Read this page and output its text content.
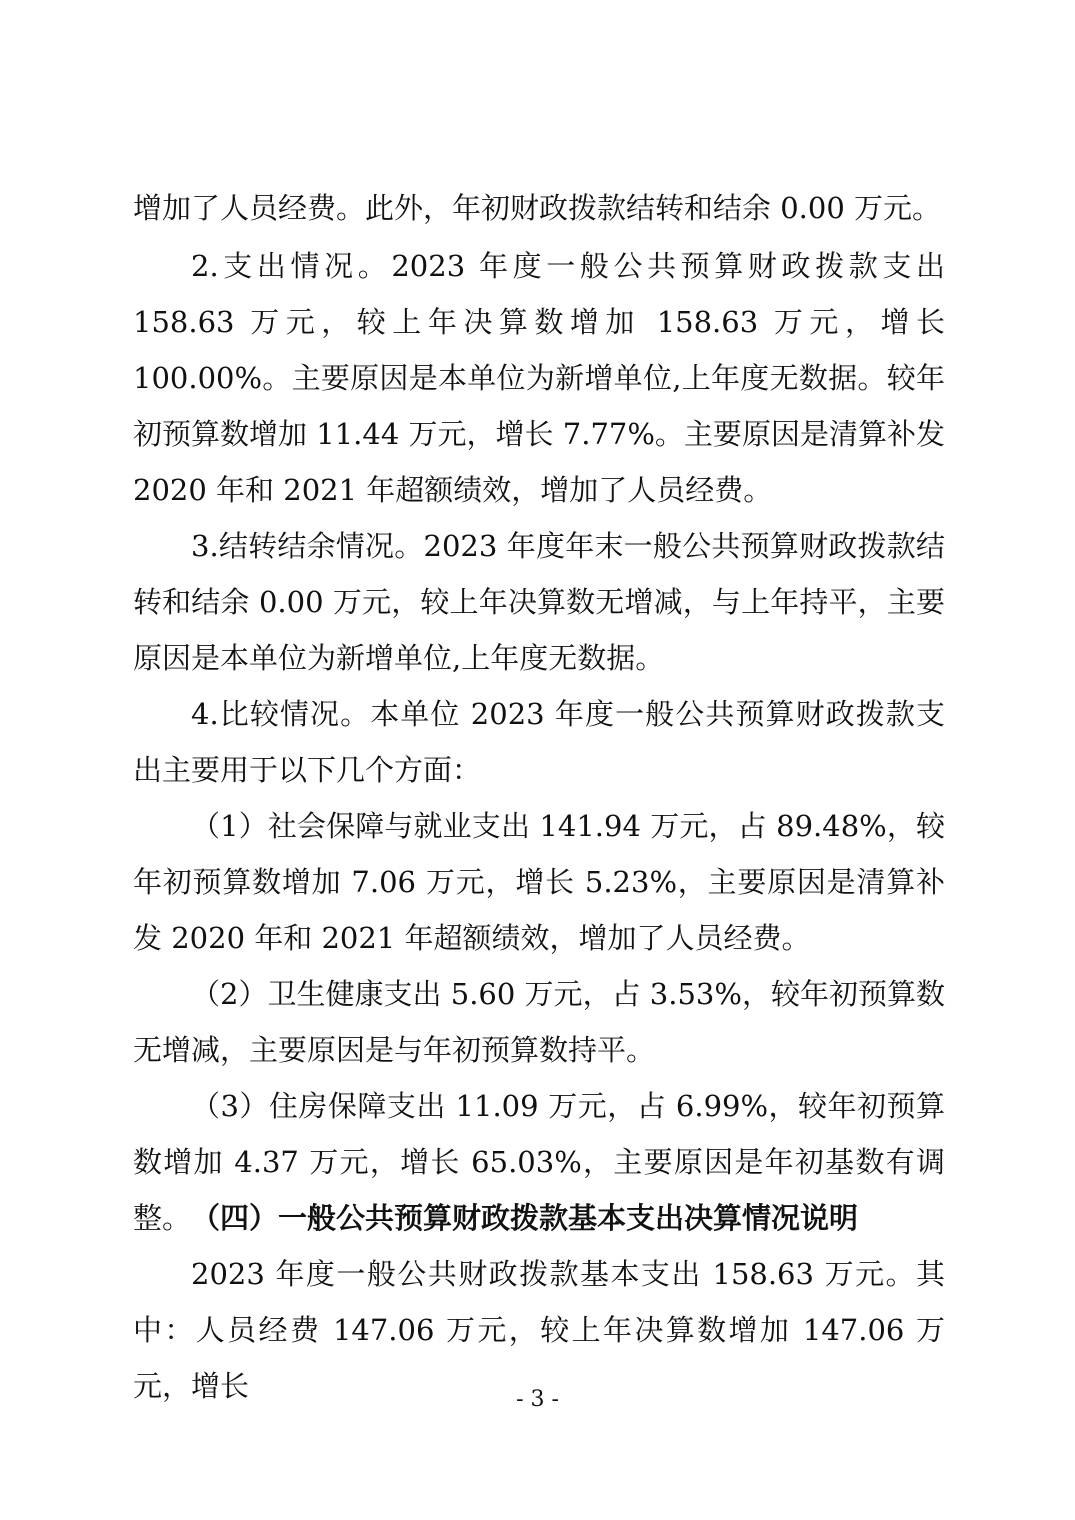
增加了人员经费。此外，年初财政拨款结转和结余 0.00 万元。

2.支出情况。2023 年度一般公共预算财政拨款支出 158.63 万元，较上年决算数增加 158.63 万元，增长 100.00%。主要原因是本单位为新增单位,上年度无数据。较年初预算数增加 11.44 万元，增长 7.77%。主要原因是清算补发 2020 年和 2021 年超额绩效，增加了人员经费。

3.结转结余情况。2023 年度年末一般公共预算财政拨款结转和结余 0.00 万元，较上年决算数无增减，与上年持平，主要原因是本单位为新增单位,上年度无数据。

4.比较情况。本单位 2023 年度一般公共预算财政拨款支出主要用于以下几个方面：

（1）社会保障与就业支出 141.94 万元，占 89.48%，较年初预算数增加 7.06 万元，增长 5.23%，主要原因是清算补发 2020 年和 2021 年超额绩效，增加了人员经费。

（2）卫生健康支出 5.60 万元，占 3.53%，较年初预算数无增减，主要原因是与年初预算数持平。

（3）住房保障支出 11.09 万元，占 6.99%，较年初预算数增加 4.37 万元，增长 65.03%，主要原因是年初基数有调整。 （四）一般公共预算财政拨款基本支出决算情况说明

2023 年度一般公共财政拨款基本支出 158.63 万元。其中：人员经费 147.06 万元，较上年决算数增加 147.06 万元，增长	- 3 -
